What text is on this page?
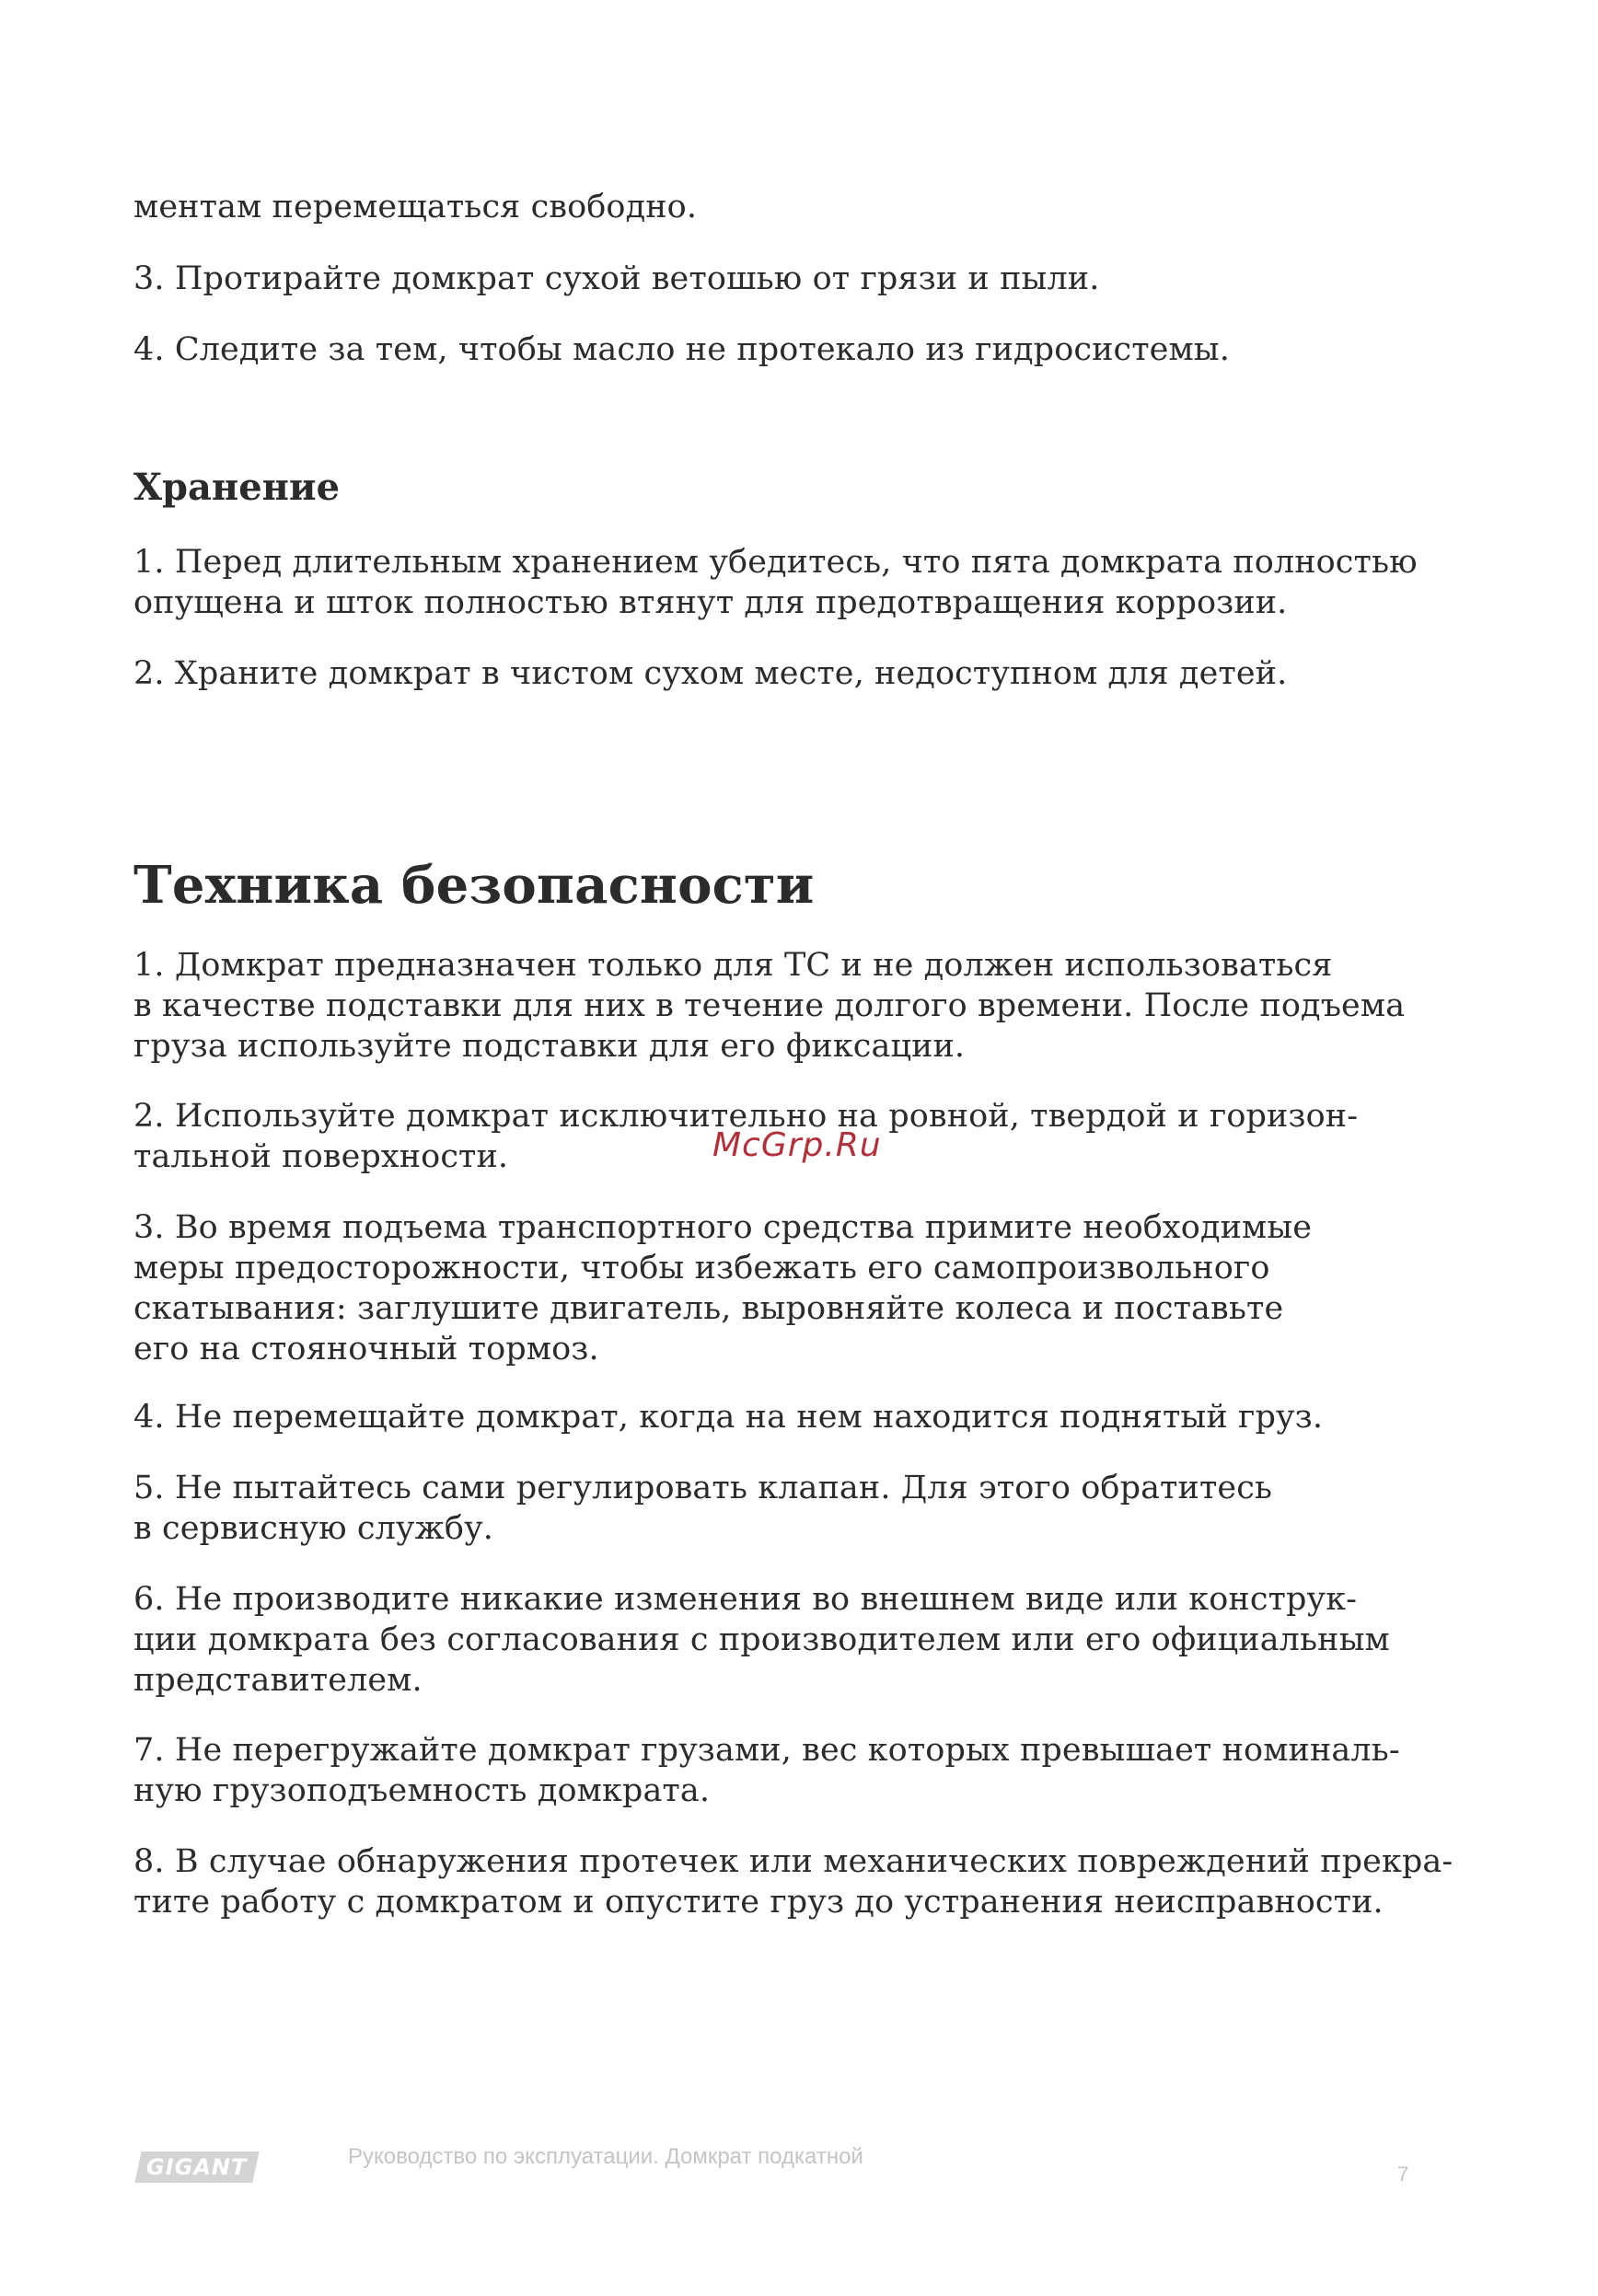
ментам перемещаться свободно.

3. Протирайте домкрат сухой ветошью от грязи и пыли.

4. Следите за тем, чтобы масло не протекало из гидросистемы.

Хранение

1. Перед длительным хранением убедитесь, что пята домкрата полностью
опущена и шток полностью втянут для предотвращения коррозии.

2. Храните домкрат в чистом сухом месте, недоступном для детей.

Техника безопасности

1. Домкрат предназначен только для ТС и не должен использоваться
в качестве подставки для них в течение долгого времени. После подъема
груза используйте подставки для его фиксации.

2. Используйте домкрат исключительно на ровной, твердой и горизон-
тальной поверхности.

3. Во время подъема транспортного средства примите необходимые
меры предосторожности, чтобы избежать его самопроизвольного
скатывания: заглушите двигатель, выровняйте колеса и поставьте
его на стояночный тормоз.

4. Не перемещайте домкрат, когда на нем находится поднятый груз.

5. Не пытайтесь сами регулировать клапан. Для этого обратитесь
в сервисную службу.

6. Не производите никакие изменения во внешнем виде или конструк-
ции домкрата без согласования с производителем или его официальным
представителем.

7. Не перегружайте домкрат грузами, вес которых превышает номиналь-
ную грузоподъемность домкрата.

8. В случае обнаружения протечек или механических повреждений прекра-
тите работу с домкратом и опустите груз до устранения неисправности.

McGrp.Ru
GIGANT	Руководство по эксплуатации. Домкрат подкатной
7
